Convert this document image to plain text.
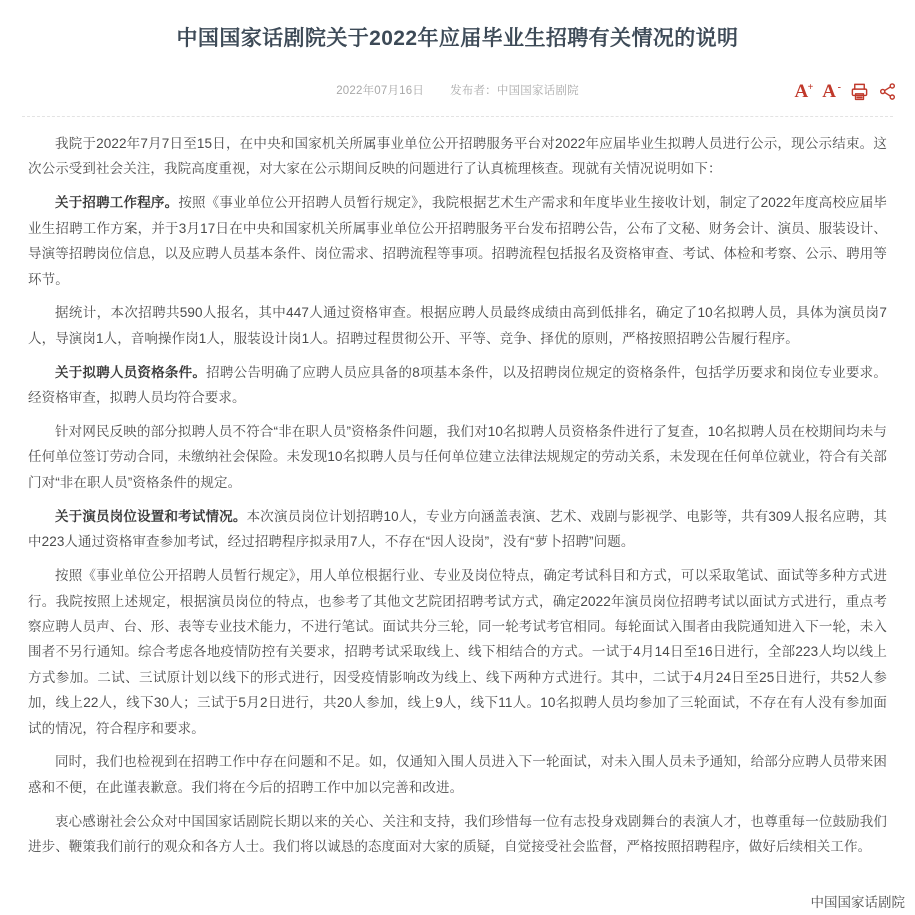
中国国家话剧院关于2022年应届毕业生招聘有关情况的说明
2022年07月16日 发布者：中国国家话剧院	A + A -

我院于2022年7月7日至15日，在中央和国家机关所属事业单位公开招聘服务平台对2022年应届毕业生拟聘人员进行公示，现公示结束。这次公示受到社会关注，我院高度重视，对大家在公示期间反映的问题进行了认真梳理核查。现就有关情况说明如下：

关于招聘工作程序。按照《事业单位公开招聘人员暂行规定》，我院根据艺术生产需求和年度毕业生接收计划，制定了2022年度高校应届毕业生招聘工作方案，并于3月17日在中央和国家机关所属事业单位公开招聘服务平台发布招聘公告，公布了文秘、财务会计、演员、服装设计、导演等招聘岗位信息，以及应聘人员基本条件、岗位需求、招聘流程等事项。招聘流程包括报名及资格审查、考试、体检和考察、公示、聘用等环节。

据统计，本次招聘共590人报名，其中447人通过资格审查。根据应聘人员最终成绩由高到低排名，确定了10名拟聘人员，具体为演员岗7人，导演岗1人，音响操作岗1人，服装设计岗1人。招聘过程贯彻公开、平等、竞争、择优的原则，严格按照招聘公告履行程序。

关于拟聘人员资格条件。招聘公告明确了应聘人员应具备的8项基本条件，以及招聘岗位规定的资格条件，包括学历要求和岗位专业要求。经资格审查，拟聘人员均符合要求。

针对网民反映的部分拟聘人员不符合“非在职人员”资格条件问题，我们对10名拟聘人员资格条件进行了复查，10名拟聘人员在校期间均未与任何单位签订劳动合同，未缴纳社会保险。未发现10名拟聘人员与任何单位建立法律法规规定的劳动关系，未发现在任何单位就业，符合有关部门对“非在职人员”资格条件的规定。

关于演员岗位设置和考试情况。本次演员岗位计划招聘10人，专业方向涵盖表演、艺术、戏剧与影视学、电影等，共有309人报名应聘，其中223人通过资格审查参加考试，经过招聘程序拟录用7人，不存在“因人设岗”，没有“萝卜招聘”问题。

按照《事业单位公开招聘人员暂行规定》，用人单位根据行业、专业及岗位特点，确定考试科目和方式，可以采取笔试、面试等多种方式进行。我院按照上述规定，根据演员岗位的特点，也参考了其他文艺院团招聘考试方式，确定2022年演员岗位招聘考试以面试方式进行，重点考察应聘人员声、台、形、表等专业技术能力，不进行笔试。面试共分三轮，同一轮考试考官相同。每轮面试入围者由我院通知进入下一轮，未入围者不另行通知。综合考虑各地疫情防控有关要求，招聘考试采取线上、线下相结合的方式。一试于4月14日至16日进行，全部223人均以线上方式参加。二试、三试原计划以线下的形式进行，因受疫情影响改为线上、线下两种方式进行。其中，二试于4月24日至25日进行，共52人参加，线上22人，线下30人；三试于5月2日进行，共20人参加，线上9人，线下11人。10名拟聘人员均参加了三轮面试，不存在有人没有参加面试的情况，符合程序和要求。

同时，我们也检视到在招聘工作中存在问题和不足。如，仅通知入围人员进入下一轮面试，对未入围人员未予通知，给部分应聘人员带来困惑和不便，在此谨表歉意。我们将在今后的招聘工作中加以完善和改进。

衷心感谢社会公众对中国国家话剧院长期以来的关心、关注和支持，我们珍惜每一位有志投身戏剧舞台的表演人才，也尊重每一位鼓励我们进步、鞭策我们前行的观众和各方人士。我们将以诚恳的态度面对大家的质疑，自觉接受社会监督，严格按照招聘程序，做好后续相关工作。

中国国家话剧院
